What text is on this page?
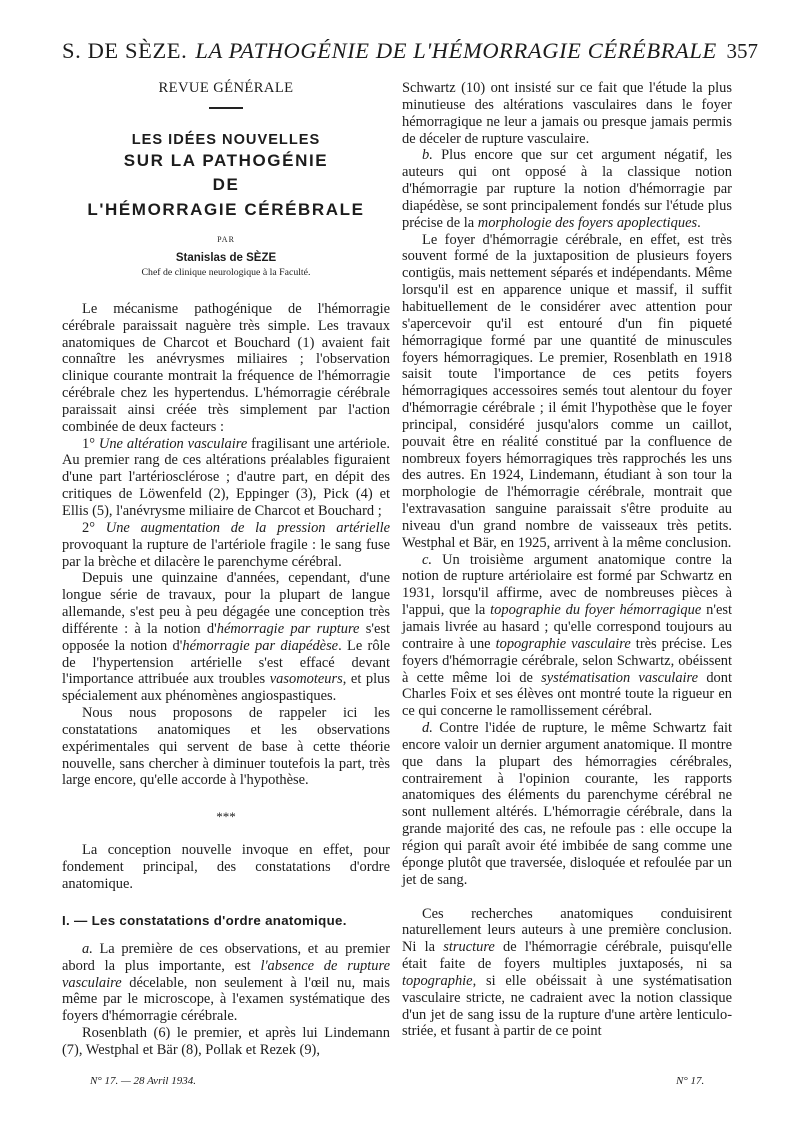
S. DE SÈZE. LA PATHOGÉNIE DE L'HÉMORRAGIE CÉRÉBRALE 357
REVUE GÉNÉRALE
LES IDÉES NOUVELLES
SUR LA PATHOGÉNIE
DE
L'HÉMORRAGIE CÉRÉBRALE
PAR
Stanislas de SÈZE
Chef de clinique neurologique à la Faculté.

Le mécanisme pathogénique de l'hémorragie cérébrale paraissait naguère très simple. Les travaux anatomiques de Charcot et Bouchard (1) avaient fait connaître les anévrysmes miliaires ; l'observation clinique courante montrait la fréquence de l'hémorragie cérébrale chez les hypertendus. L'hémorragie cérébrale paraissait ainsi créée très simplement par l'action combinée de deux facteurs :

1° Une altération vasculaire fragilisant une artériole. Au premier rang de ces altérations préalables figuraient d'une part l'artériosclérose ; d'autre part, en dépit des critiques de Löwenfeld (2), Eppinger (3), Pick (4) et Ellis (5), l'anévrysme miliaire de Charcot et Bouchard ;

2° Une augmentation de la pression artérielle provoquant la rupture de l'artériole fragile : le sang fuse par la brèche et dilacère le parenchyme cérébral.

Depuis une quinzaine d'années, cependant, d'une longue série de travaux, pour la plupart de langue allemande, s'est peu à peu dégagée une conception très différente : à la notion d'hémorragie par rupture s'est opposée la notion d'hémorragie par diapédèse. Le rôle de l'hypertension artérielle s'est effacé devant l'importance attribuée aux troubles vasomoteurs, et plus spécialement aux phénomènes angiospastiques.

Nous nous proposons de rappeler ici les constatations anatomiques et les observations expérimentales qui servent de base à cette théorie nouvelle, sans chercher à diminuer toutefois la part, très large encore, qu'elle accorde à l'hypothèse.

***

La conception nouvelle invoque en effet, pour fondement principal, des constatations d'ordre anatomique.

I. — Les constatations d'ordre anatomique.

a. La première de ces observations, et au premier abord la plus importante, est l'absence de rupture vasculaire décelable, non seulement à l'œil nu, mais même par le microscope, à l'examen systématique des foyers d'hémorragie cérébrale.

Rosenblath (6) le premier, et après lui Lindemann (7), Westphal et Bär (8), Pollak et Rezek (9),

Schwartz (10) ont insisté sur ce fait que l'étude la plus minutieuse des altérations vasculaires dans le foyer hémorragique ne leur a jamais ou presque jamais permis de déceler de rupture vasculaire.

b. Plus encore que sur cet argument négatif, les auteurs qui ont opposé à la classique notion d'hémorragie par rupture la notion d'hémorragie par diapédèse, se sont principalement fondés sur l'étude plus précise de la morphologie des foyers apoplectiques.

Le foyer d'hémorragie cérébrale, en effet, est très souvent formé de la juxtaposition de plusieurs foyers contigüs, mais nettement séparés et indépendants. Même lorsqu'il est en apparence unique et massif, il suffit habituellement de le considérer avec attention pour s'apercevoir qu'il est entouré d'un fin piqueté hémorragique formé par une quantité de minuscules foyers hémorragiques. Le premier, Rosenblath en 1918 saisit toute l'importance de ces petits foyers hémorragiques accessoires semés tout alentour du foyer d'hémorragie cérébrale ; il émit l'hypothèse que le foyer principal, considéré jusqu'alors comme un caillot, pouvait être en réalité constitué par la confluence de nombreux foyers hémorragiques très rapprochés les uns des autres. En 1924, Lindemann, étudiant à son tour la morphologie de l'hémorragie cérébrale, montrait que l'extravasation sanguine paraissait s'être produite au niveau d'un grand nombre de vaisseaux très petits. Westphal et Bär, en 1925, arrivent à la même conclusion.

c. Un troisième argument anatomique contre la notion de rupture artériolaire est formé par Schwartz en 1931, lorsqu'il affirme, avec de nombreuses pièces à l'appui, que la topographie du foyer hémorragique n'est jamais livrée au hasard ; qu'elle correspond toujours au contraire à une topographie vasculaire très précise. Les foyers d'hémorragie cérébrale, selon Schwartz, obéissent à cette même loi de systématisation vasculaire dont Charles Foix et ses élèves ont montré toute la rigueur en ce qui concerne le ramollissement cérébral.

d. Contre l'idée de rupture, le même Schwartz fait encore valoir un dernier argument anatomique. Il montre que dans la plupart des hémorragies cérébrales, contrairement à l'opinion courante, les rapports anatomiques des éléments du parenchyme cérébral ne sont nullement altérés. L'hémorragie cérébrale, dans la grande majorité des cas, ne refoule pas : elle occupe la région qui paraît avoir été imbibée de sang comme une éponge plutôt que traversée, disloquée et refoulée par un jet de sang.

Ces recherches anatomiques conduisirent naturellement leurs auteurs à une première conclusion. Ni la structure de l'hémorragie cérébrale, puisqu'elle était faite de foyers multiples juxtaposés, ni sa topographie, si elle obéissait à une systématisation vasculaire stricte, ne cadraient avec la notion classique d'un jet de sang issu de la rupture d'une artère lenticulo-striée, et fusant à partir de ce point

N° 17. — 28 Avril 1934.	N° 17.
